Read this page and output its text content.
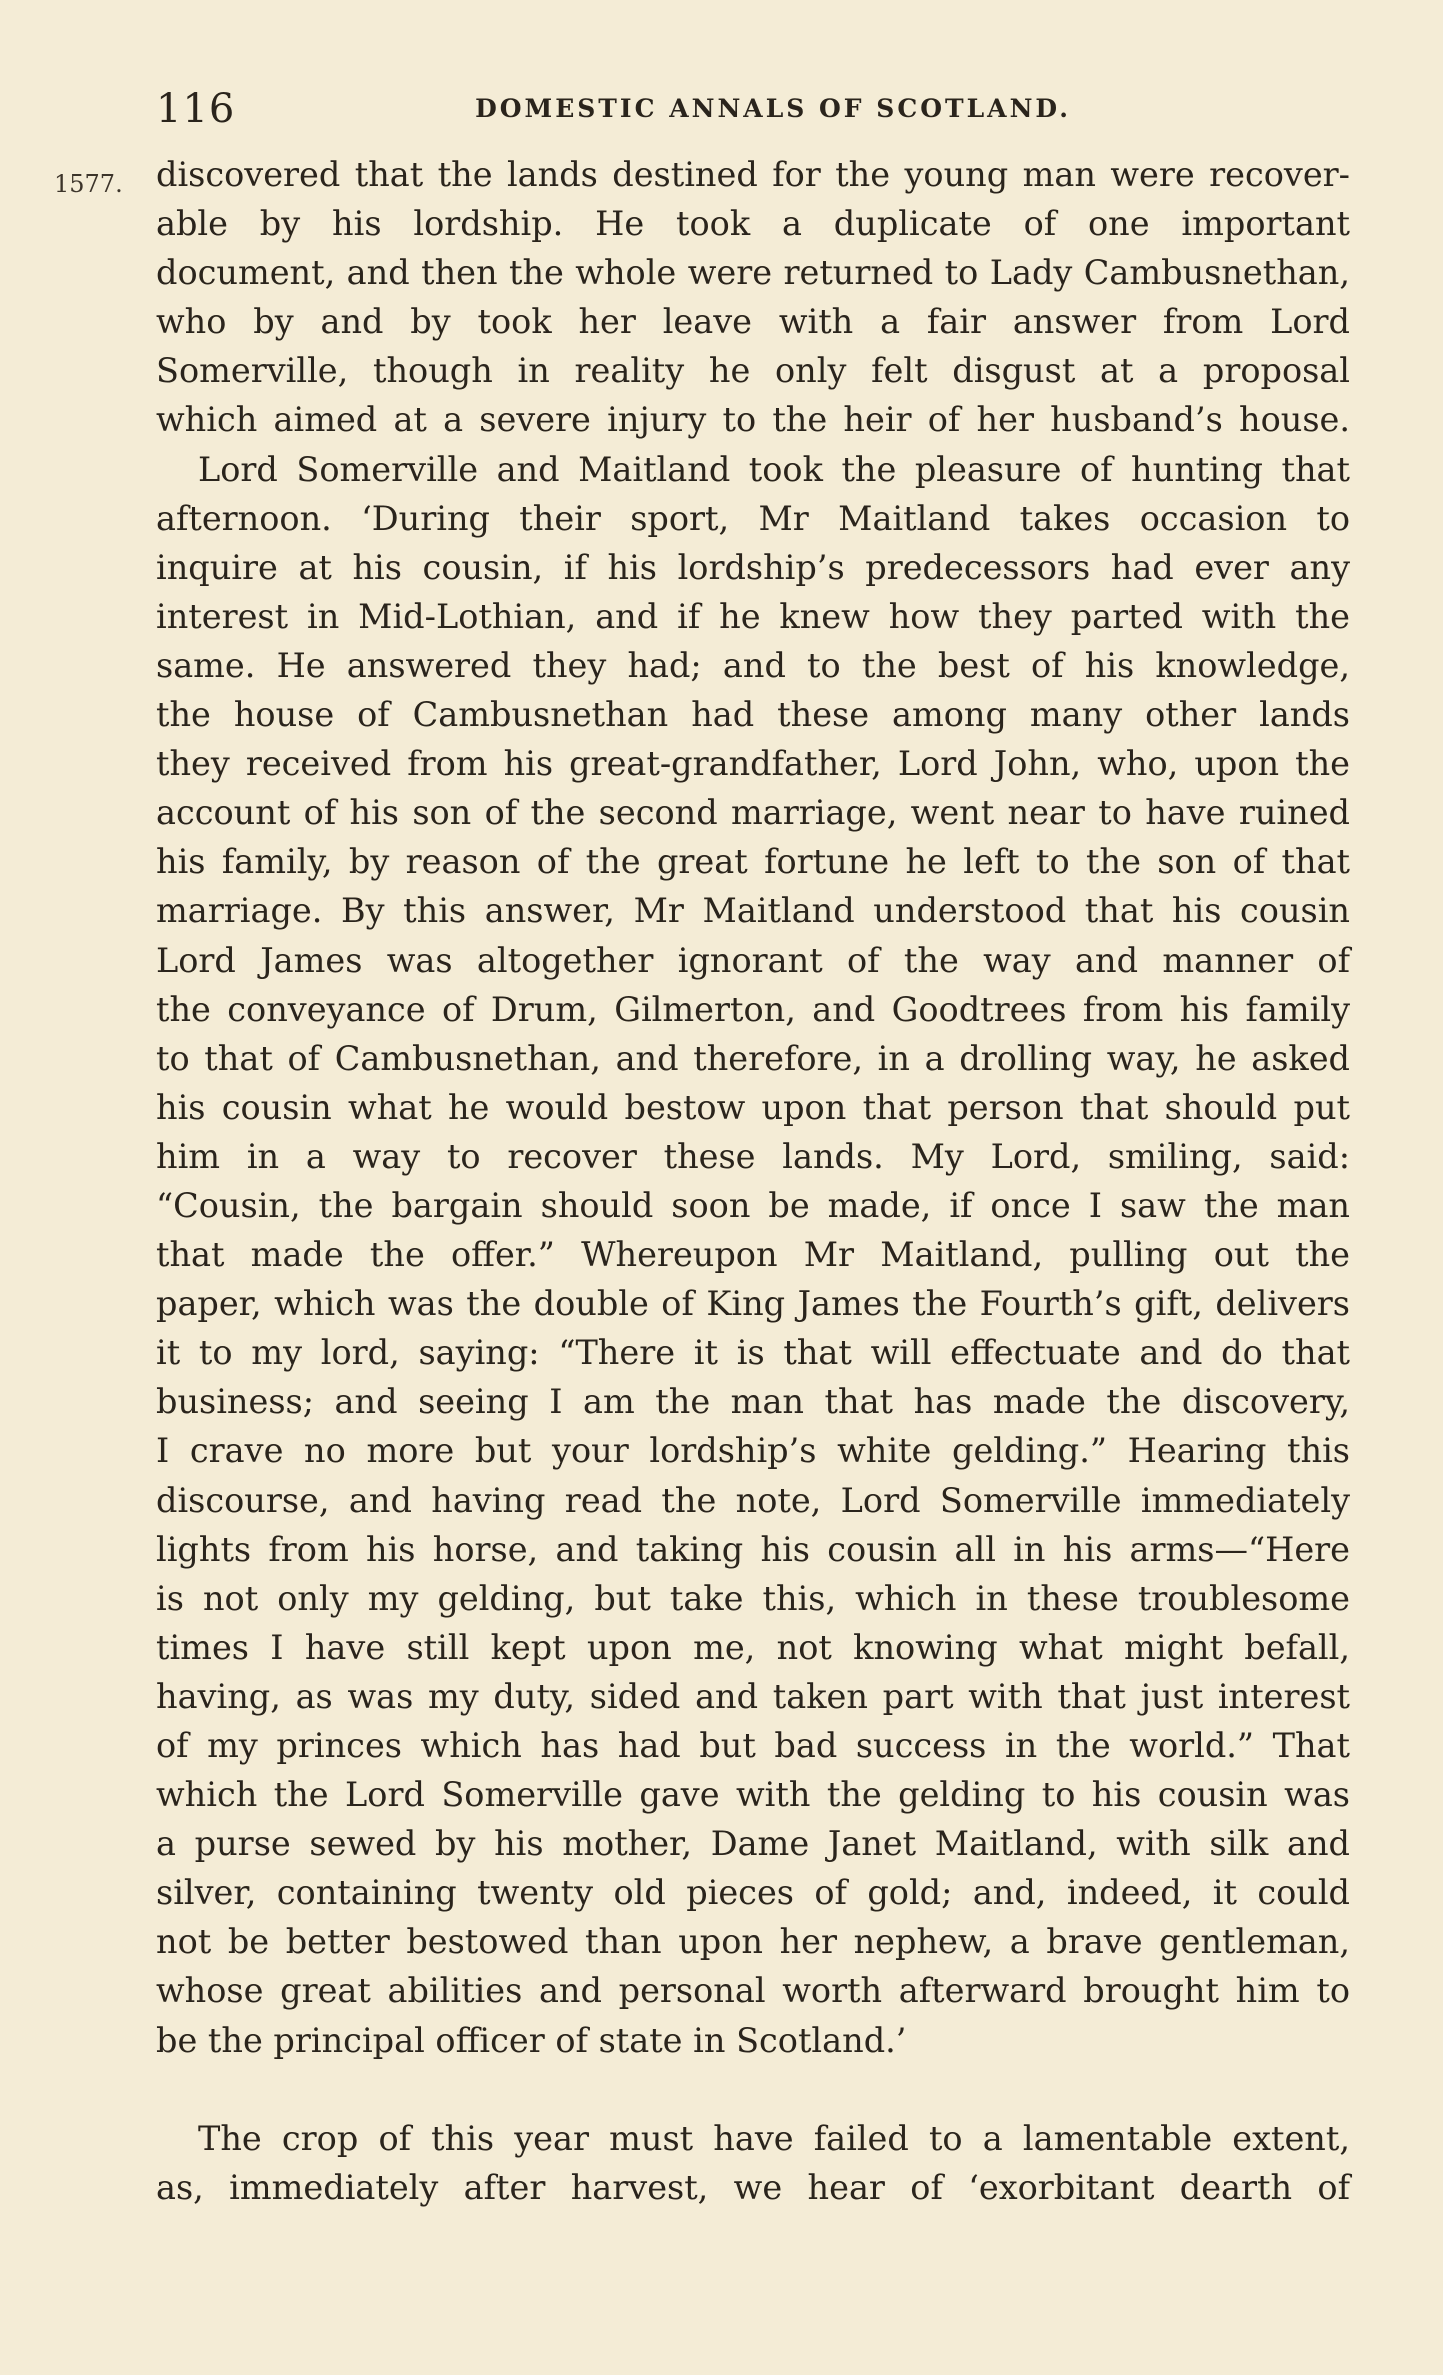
116	DOMESTIC ANNALS OF SCOTLAND.
1577. discovered that the lands destined for the young man were recover-
able by his lordship. He took a duplicate of one important
document, and then the whole were returned to Lady Cambusnethan,
who by and by took her leave with a fair answer from Lord
Somerville, though in reality he only felt disgust at a proposal
which aimed at a severe injury to the heir of her husband’s house.
Lord Somerville and Maitland took the pleasure of hunting that
afternoon. ‘During their sport, Mr Maitland takes occasion to
inquire at his cousin, if his lordship’s predecessors had ever any
interest in Mid-Lothian, and if he knew how they parted with the
same. He answered they had; and to the best of his knowledge,
the house of Cambusnethan had these among many other lands
they received from his great-grandfather, Lord John, who, upon the
account of his son of the second marriage, went near to have ruined
his family, by reason of the great fortune he left to the son of that
marriage. By this answer, Mr Maitland understood that his cousin
Lord James was altogether ignorant of the way and manner of
the conveyance of Drum, Gilmerton, and Goodtrees from his family
to that of Cambusnethan, and therefore, in a drolling way, he asked
his cousin what he would bestow upon that person that should put
him in a way to recover these lands. My Lord, smiling, said:
“Cousin, the bargain should soon be made, if once I saw the man
that made the offer.” Whereupon Mr Maitland, pulling out the
paper, which was the double of King James the Fourth’s gift, delivers
it to my lord, saying: “There it is that will effectuate and do that
business; and seeing I am the man that has made the discovery,
I crave no more but your lordship’s white gelding.” Hearing this
discourse, and having read the note, Lord Somerville immediately
lights from his horse, and taking his cousin all in his arms—“Here
is not only my gelding, but take this, which in these troublesome
times I have still kept upon me, not knowing what might befall,
having, as was my duty, sided and taken part with that just interest
of my princes which has had but bad success in the world.” That
which the Lord Somerville gave with the gelding to his cousin was
a purse sewed by his mother, Dame Janet Maitland, with silk and
silver, containing twenty old pieces of gold; and, indeed, it could
not be better bestowed than upon her nephew, a brave gentleman,
whose great abilities and personal worth afterward brought him to
be the principal officer of state in Scotland.’
The crop of this year must have failed to a lamentable extent,
as, immediately after harvest, we hear of ‘exorbitant dearth of
